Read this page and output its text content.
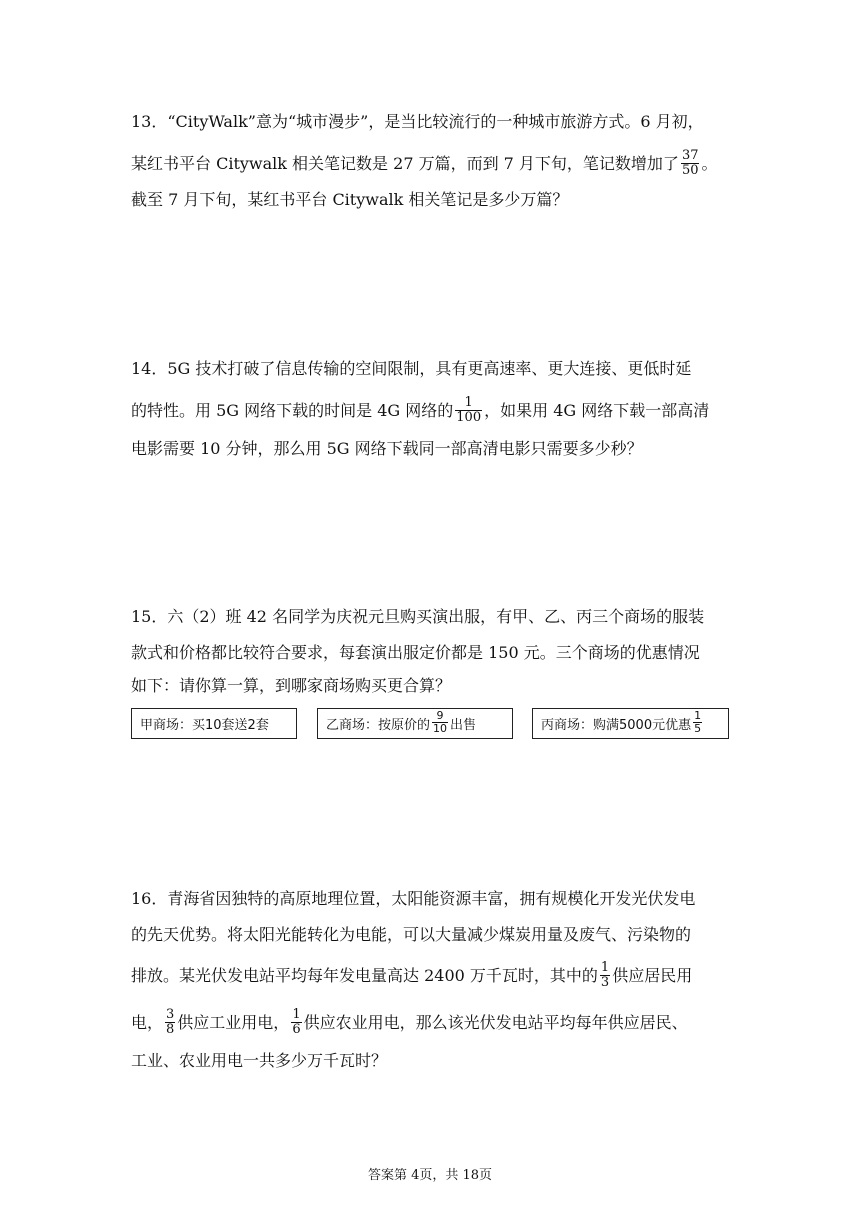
13．“CityWalk”意为“城市漫步”，是当比较流行的一种城市旅游方式。6 月初，
某红书平台 Citywalk 相关笔记数是 27 万篇，而到 7 月下旬，笔记数增加了 $\frac{37}{50}$ 。
截至 7 月下旬，某红书平台 Citywalk 相关笔记是多少万篇？
14．5G 技术打破了信息传输的空间限制，具有更高速率、更大连接、更低时延
的特性。用 5G 网络下载的时间是 4G 网络的 $\frac{1}{100}$ ，如果用 4G 网络下载一部高清
电影需要 10 分钟，那么用 5G 网络下载同一部高清电影只需要多少秒？
15．六（2）班 42 名同学为庆祝元旦购买演出服，有甲、乙、丙三个商场的服装
款式和价格都比较符合要求，每套演出服定价都是 150 元。三个商场的优惠情况
如下：请你算一算，到哪家商场购买更合算？
甲商场：买10套送2套	乙商场：按原价的 $\frac{9}{10}$ 出售	丙商场：购满5000元优惠 $\frac{1}{5}$
16．青海省因独特的高原地理位置，太阳能资源丰富，拥有规模化开发光伏发电
的先天优势。将太阳光能转化为电能，可以大量减少煤炭用量及废气、污染物的
排放。某光伏发电站平均每年发电量高达 2400 万千瓦时，其中的 $\frac{1}{3}$ 供应居民用
电， $\frac{3}{8}$ 供应工业用电， $\frac{1}{6}$ 供应农业用电，那么该光伏发电站平均每年供应居民、
工业、农业用电一共多少万千瓦时？
答案第 4页，共 18页
